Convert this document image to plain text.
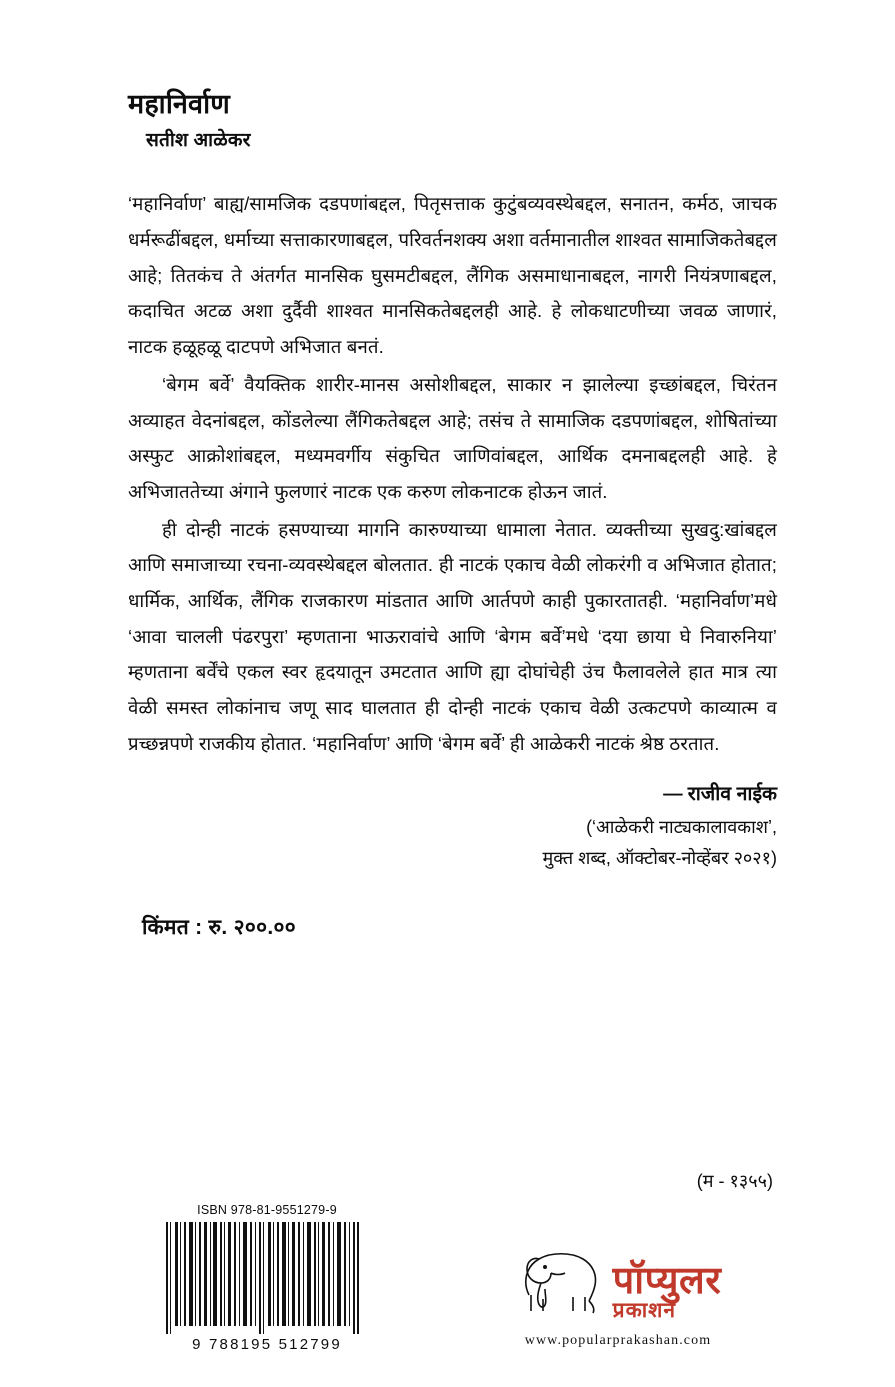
महानिर्वाण
सतीश आळेकर

‘महानिर्वाण’ बाह्य/सामजिक दडपणांबद्दल, पितृसत्ताक कुटुंबव्यवस्थेबद्दल, सनातन, कर्मठ, जाचक धर्मरूढींबद्दल, धर्माच्या सत्ताकारणाबद्दल, परिवर्तनशक्य अशा वर्तमानातील शाश्वत सामाजिकतेबद्दल आहे; तितकंच ते अंतर्गत मानसिक घुसमटीबद्दल, लैंगिक असमाधानाबद्दल, नागरी नियंत्रणाबद्दल, कदाचित अटळ अशा दुर्दैवी शाश्वत मानसिकतेबद्दलही आहे. हे लोकधाटणीच्या जवळ जाणारं, नाटक हळूहळू दाटपणे अभिजात बनतं.

‘बेगम बर्वे’ वैयक्तिक शारीर-मानस असोशीबद्दल, साकार न झालेल्या इच्छांबद्दल, चिरंतन अव्याहत वेदनांबद्दल, कोंडलेल्या लैंगिकतेबद्दल आहे; तसंच ते सामाजिक दडपणांबद्दल, शोषितांच्या अस्फुट आक्रोशांबद्दल, मध्यमवर्गीय संकुचित जाणिवांबद्दल, आर्थिक दमनाबद्दलही आहे. हे अभिजाततेच्या अंगाने फुलणारं नाटक एक करुण लोकनाटक होऊन जातं.

ही दोन्ही नाटकं हसण्याच्या मागनि कारुण्याच्या धामाला नेतात. व्यक्तीच्या सुखदु:खांबद्दल आणि समाजाच्या रचना-व्यवस्थेबद्दल बोलतात. ही नाटकं एकाच वेळी लोकरंगी व अभिजात होतात; धार्मिक, आर्थिक, लैंगिक राजकारण मांडतात आणि आर्तपणे काही पुकारतातही. ‘महानिर्वाण’मधे ‘आवा चालली पंढरपुरा’ म्हणताना भाऊरावांचे आणि ‘बेगम बर्वे’मधे ‘दया छाया घे निवारुनिया’ म्हणताना बर्वेंचे एकल स्वर हृदयातून उमटतात आणि ह्या दोघांचेही उंच फैलावलेले हात मात्र त्या वेळी समस्त लोकांनाच जणू साद घालतात ही दोन्ही नाटकं एकाच वेळी उत्कटपणे काव्यात्म व प्रच्छन्नपणे राजकीय होतात. ‘महानिर्वाण’ आणि ‘बेगम बर्वे’ ही आळेकरी नाटकं श्रेष्ठ ठरतात.

— राजीव नाईक
(‘आळेकरी नाट्यकालावकाश’,
मुक्त शब्द, ऑक्टोबर-नोव्हेंबर २०२१)
किंमत : रु. २००.००
(म - १३५५)
ISBN 978-81-9551279-9
9 788195 512799
पॉप्युलर
प्रकाशन
www.popularprakashan.com
